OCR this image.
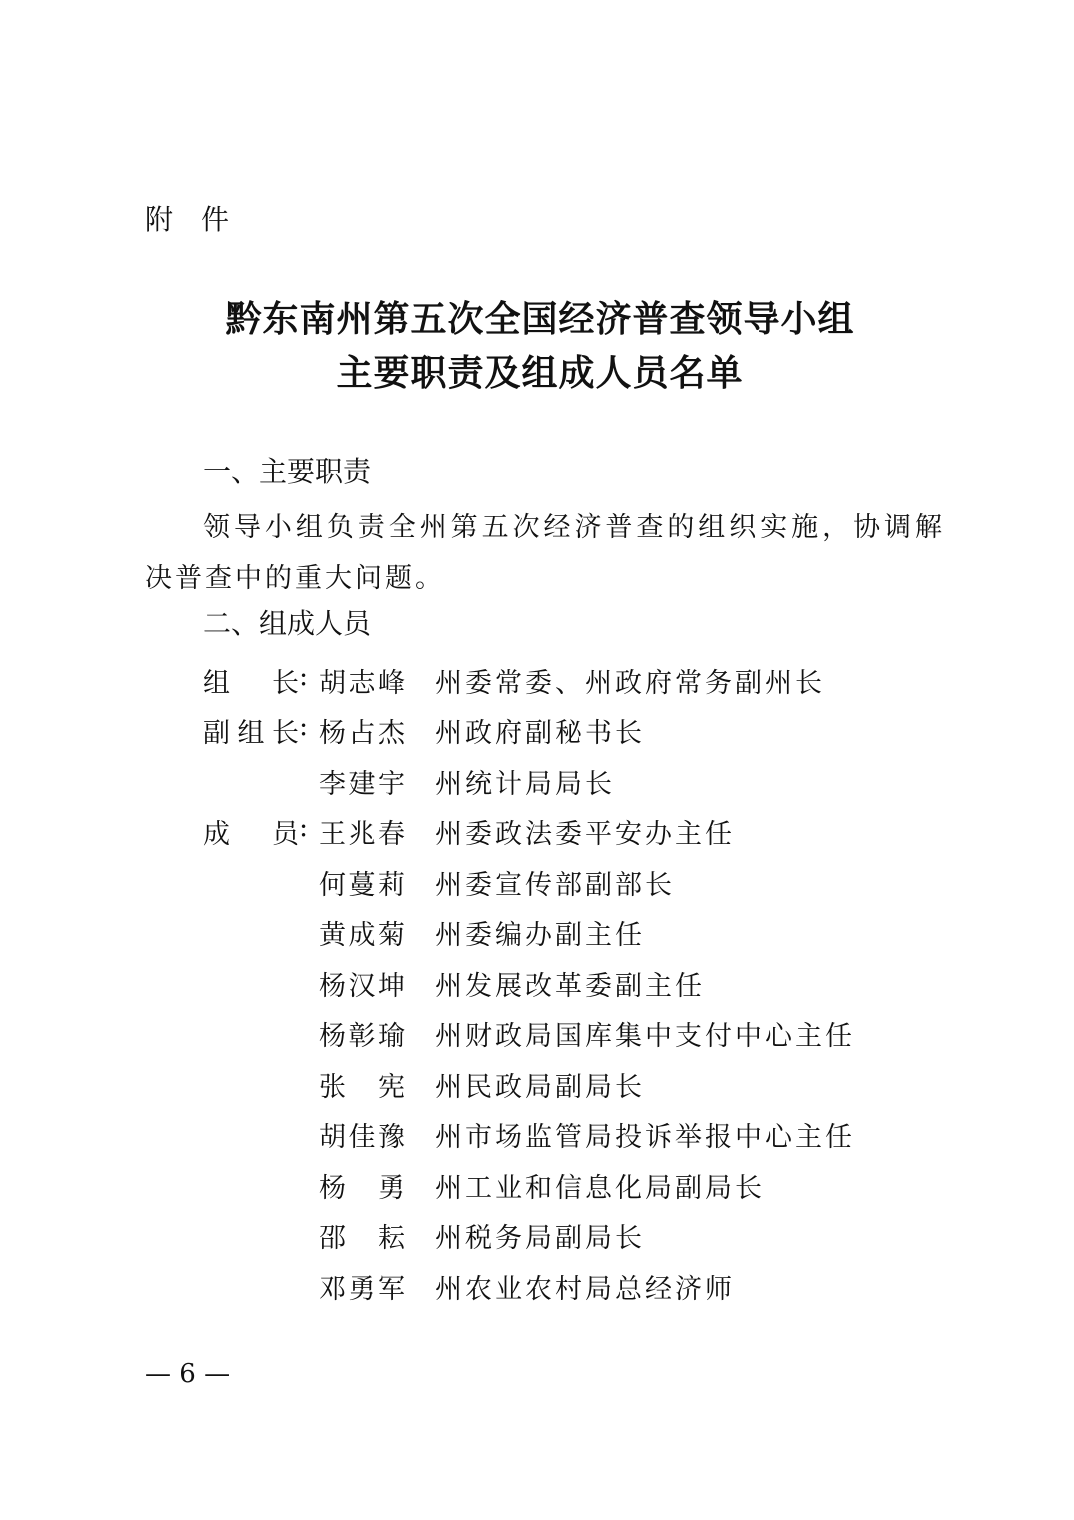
附件
黔东南州第五次全国经济普查领导小组
主要职责及组成人员名单
一、主要职责
领导小组负责全州第五次经济普查的组织实施，协调解决普查中的重大问题。
二、组成人员
组长 : 胡志峰	州委常委、州政府常务副州长
副组长 : 杨占杰	州政府副秘书长
李建宇	州统计局局长
成员 : 王兆春	州委政法委平安办主任
何蔓莉	州委宣传部副部长
黄成菊	州委编办副主任
杨汉坤	州发展改革委副主任
杨彰瑜	州财政局国库集中支付中心主任
张宪	州民政局副局长
胡佳豫	州市场监管局投诉举报中心主任
杨勇	州工业和信息化局副局长
邵耘	州税务局副局长
邓勇军	州农业农村局总经济师
— 6 —
